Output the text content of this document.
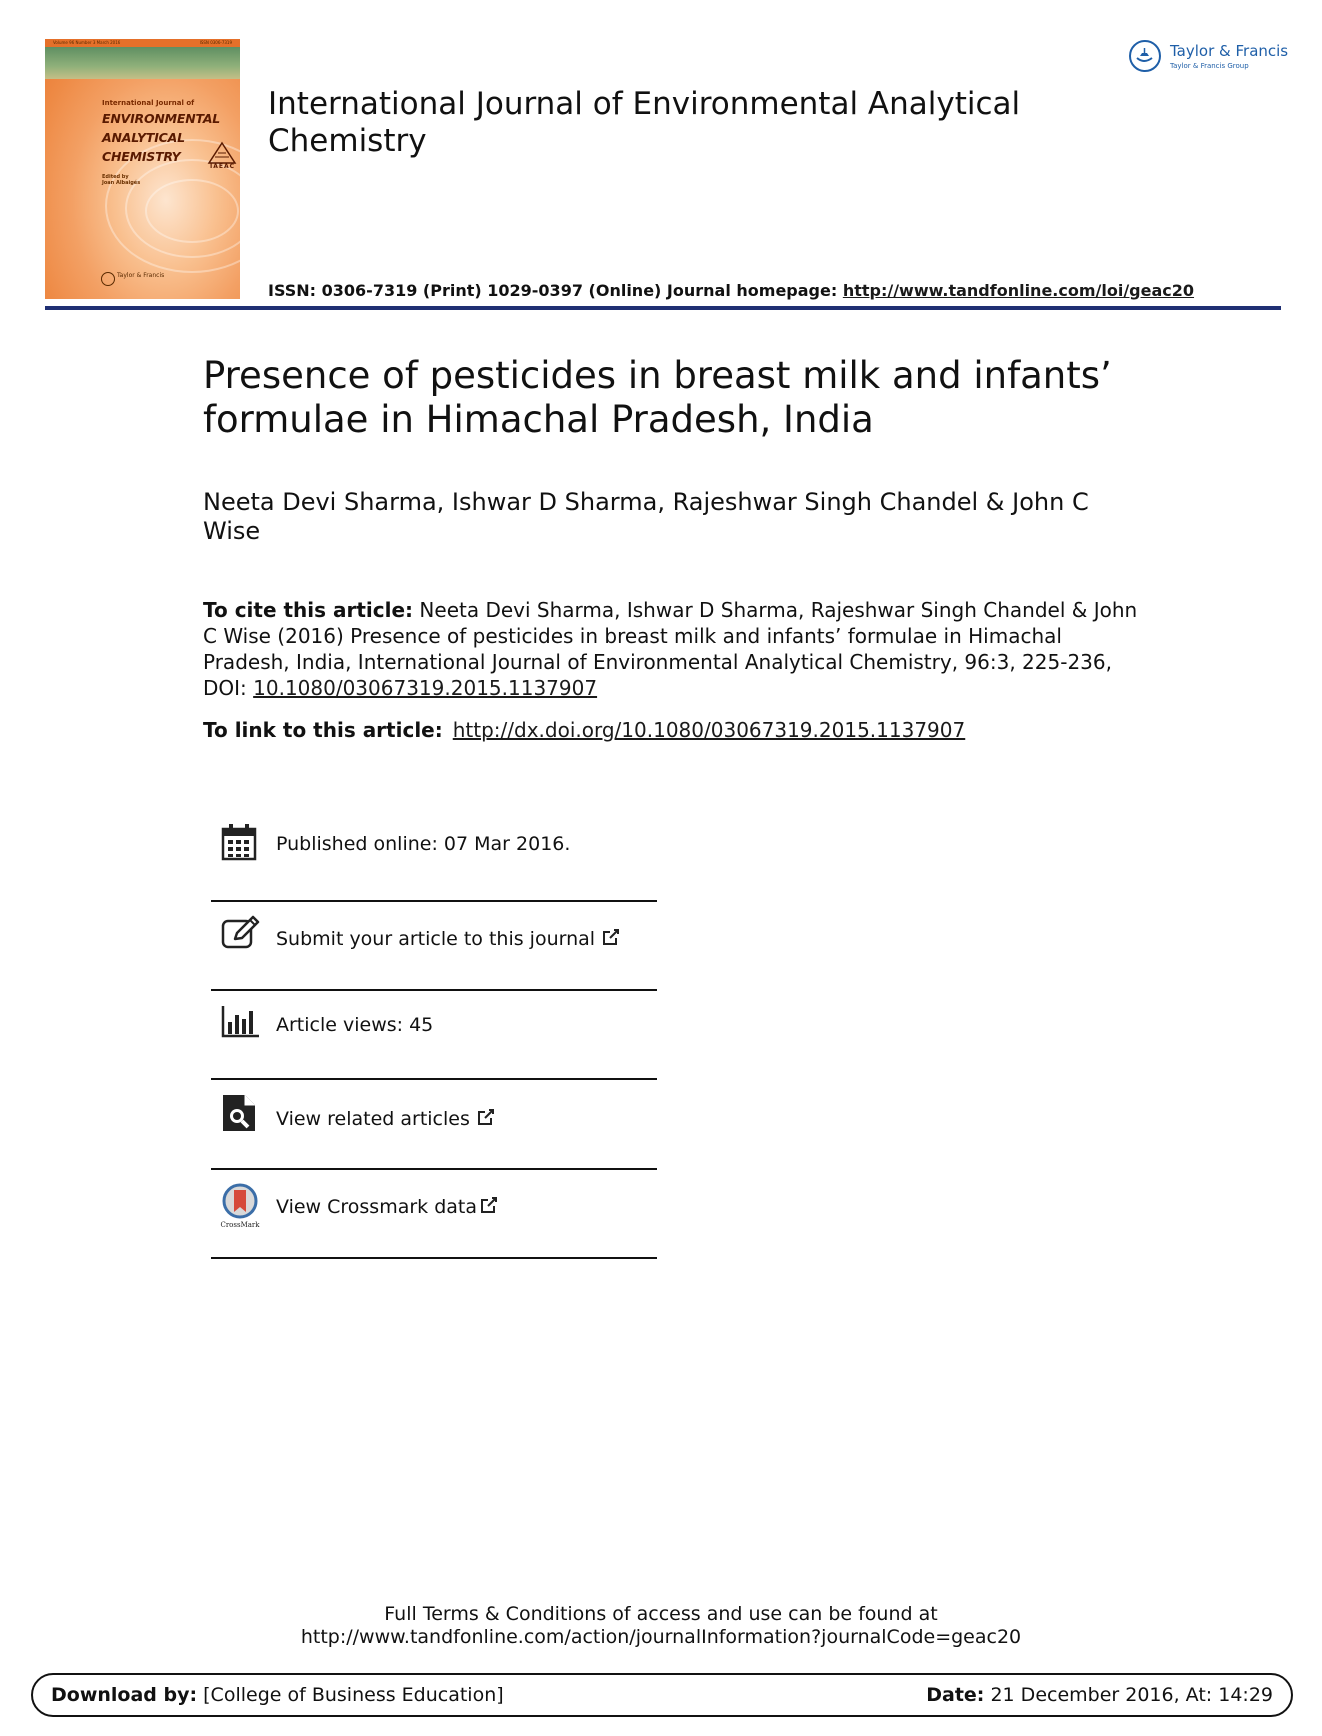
Volume 96 Number 3 March 2016	ISSN 0306-7319
International Journal of
ENVIRONMENTAL
ANALYTICAL
CHEMISTRY
IAEAC
Edited by
Joan Albaigés
Taylor & Francis
International Journal of Environmental Analytical Chemistry
ISSN: 0306-7319 (Print) 1029-0397 (Online) Journal homepage: http://www.tandfonline.com/loi/geac20
Taylor & Francis
Taylor & Francis Group
Presence of pesticides in breast milk and infants’ formulae in Himachal Pradesh, India
Neeta Devi Sharma, Ishwar D Sharma, Rajeshwar Singh Chandel & John C Wise
To cite this article: Neeta Devi Sharma, Ishwar D Sharma, Rajeshwar Singh Chandel & John C Wise (2016) Presence of pesticides in breast milk and infants’ formulae in Himachal Pradesh, India, International Journal of Environmental Analytical Chemistry, 96:3, 225-236, DOI: 10.1080/03067319.2015.1137907
To link to this article: http://dx.doi.org/10.1080/03067319.2015.1137907
Published online: 07 Mar 2016.
Submit your article to this journal
Article views: 45
View related articles
CrossMark
View Crossmark data
Full Terms & Conditions of access and use can be found at
http://www.tandfonline.com/action/journalInformation?journalCode=geac20
Download by: [College of Business Education]	Date: 21 December 2016, At: 14:29
